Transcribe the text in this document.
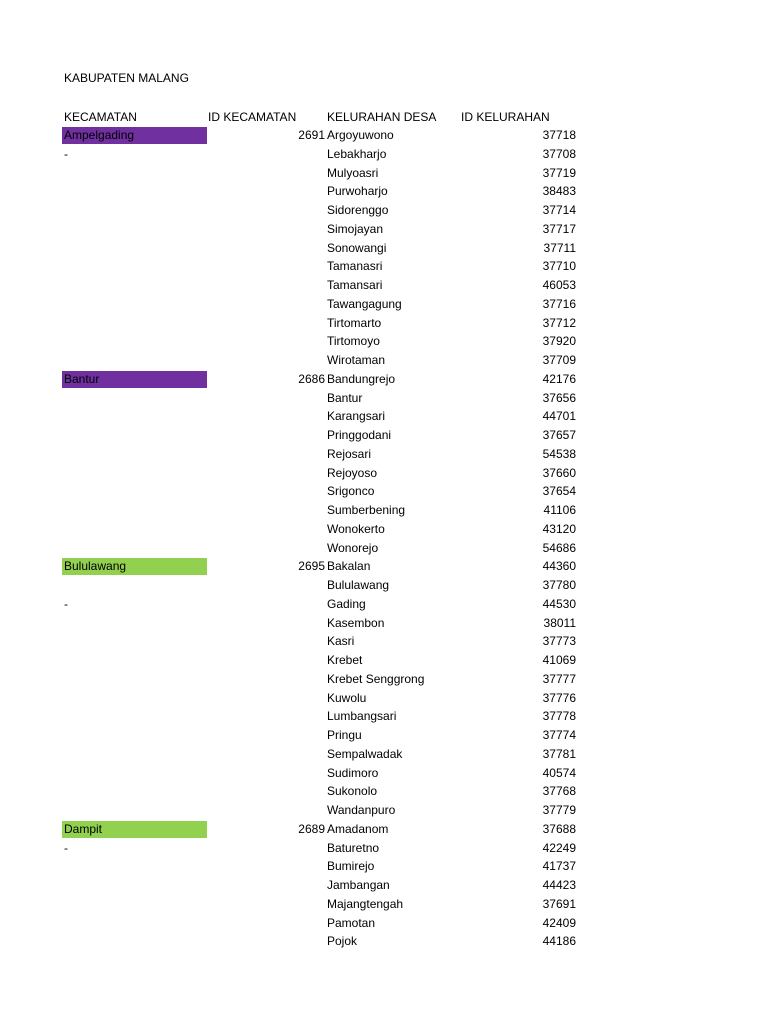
KABUPATEN MALANG
KECAMATAN	ID KECAMATAN	KELURAHAN DESA ID KELURAHAN
Ampelgading	2691 Argoyuwono	37718
-	Lebakharjo	37708
Mulyoasri	37719
Purwoharjo	38483
Sidorenggo	37714
Simojayan	37717
Sonowangi	37711
Tamanasri	37710
Tamansari	46053
Tawangagung	37716
Tirtomarto	37712
Tirtomoyo	37920
Wirotaman	37709
Bantur	2686 Bandungrejo	42176
Bantur	37656
Karangsari	44701
Pringgodani	37657
Rejosari	54538
Rejoyoso	37660
Srigonco	37654
Sumberbening	41106
Wonokerto	43120
Wonorejo	54686
Bululawang	2695 Bakalan	44360
Bululawang	37780
-	Gading	44530
Kasembon	38011
Kasri	37773
Krebet	41069
Krebet Senggrong	37777
Kuwolu	37776
Lumbangsari	37778
Pringu	37774
Sempalwadak	37781
Sudimoro	40574
Sukonolo	37768
Wandanpuro	37779
Dampit	2689 Amadanom	37688
-	Baturetno	42249
Bumirejo	41737
Jambangan	44423
Majangtengah	37691
Pamotan	42409
Pojok	44186
